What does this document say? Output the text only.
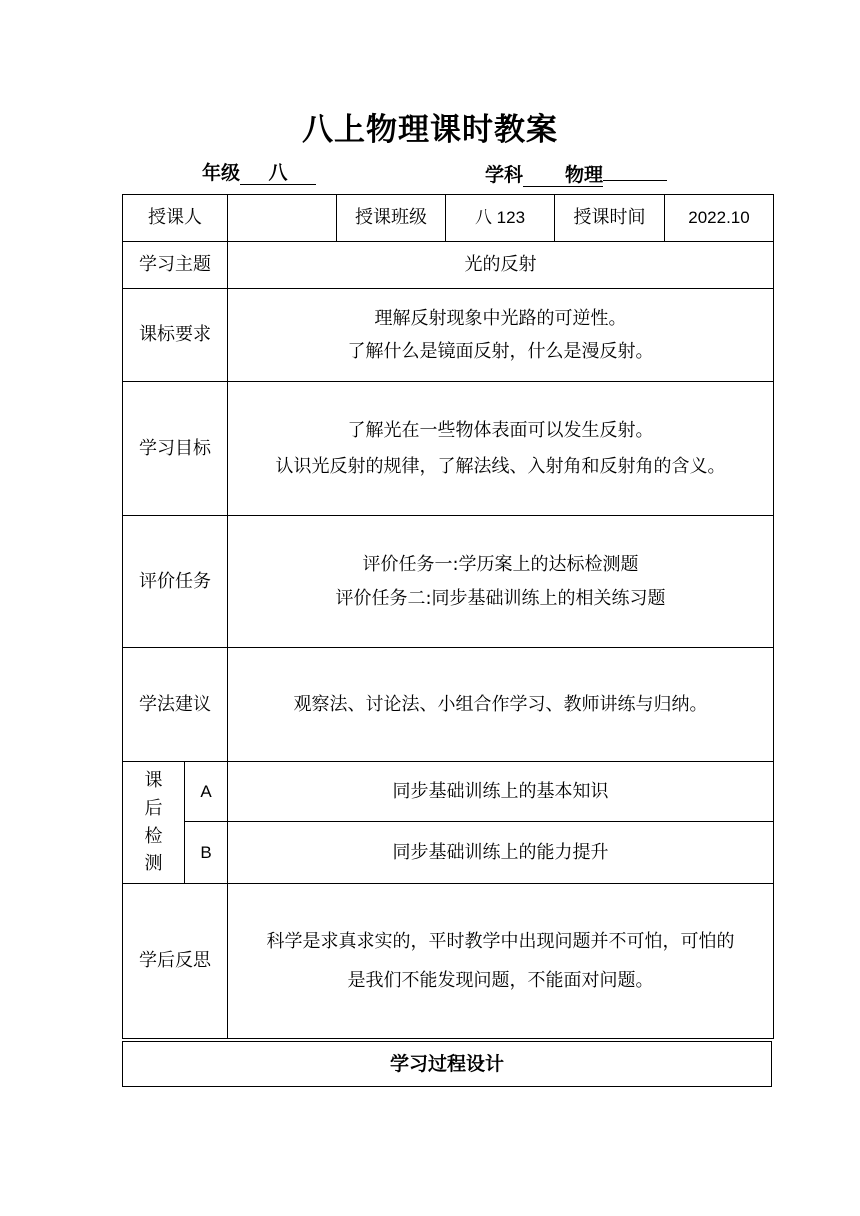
八上物理课时教案
年级 八	学科 物理
授课人			授课班级	八 123	授课时间	2022.10
学习主题		光的反射				
课标要求		理解反射现象中光路的可逆性。
了解什么是镜面反射，什么是漫反射。				

学习目标		了解光在一些物体表面可以发生反射。
认识光反射的规律，了解法线、入射角和反射角的含义。				

评价任务		评价任务一:学历案上的达标检测题
评价任务二:同步基础训练上的相关练习题				

学法建议		观察法、讨论法、小组合作学习、教师讲练与归纳。				

课
后
检
测	A	同步基础训练上的基本知识				
	B	同步基础训练上的能力提升				
学后反思		科学是求真求实的，平时教学中出现问题并不可怕，可怕的
是我们不能发现问题，不能面对问题。				
学习过程设计
